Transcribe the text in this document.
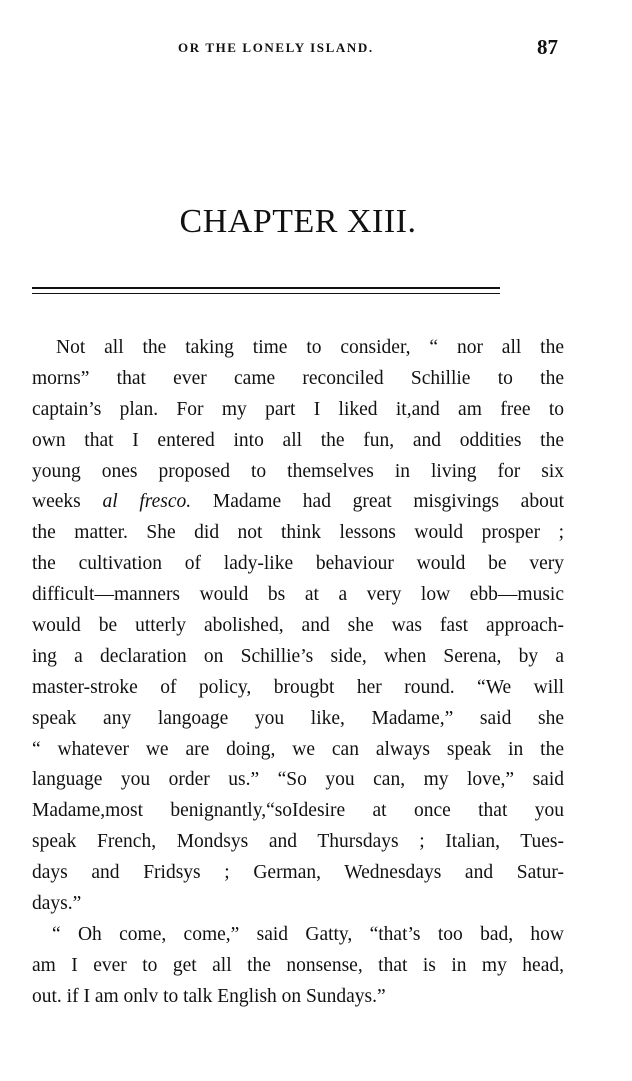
OR THE LONELY ISLAND.	87
CHAPTER XIII.
Not all the taking time to consider, “ nor all the
morns” that ever came reconciled Schillie to the
captain’s plan. For my part I liked it,and am free to
own that I entered into all the fun, and oddities the
young ones proposed to themselves in living for six
weeks al fresco. Madame had great misgivings about
the matter. She did not think lessons would prosper ;
the cultivation of lady-like behaviour would be very
difficult—manners would bs at a very low ebb—music
would be utterly abolished, and she was fast approach-
ing a declaration on Schillie’s side, when Serena, by a
master-stroke of policy, brougbt her round. “We will
speak any langoage you like, Madame,” said she
“ whatever we are doing, we can always speak in the
language you order us.” “So you can, my love,” said
Madame,most benignantly,“soIdesire at once that you
speak French, Mondsys and Thursdays ; Italian, Tues-
days and Fridsys ; German, Wednesdays and Satur-
days.”
“ Oh come, come,” said Gatty, “that’s too bad, how
am I ever to get all the nonsense, that is in my head,
out. if I am onlv to talk English on Sundays.”
